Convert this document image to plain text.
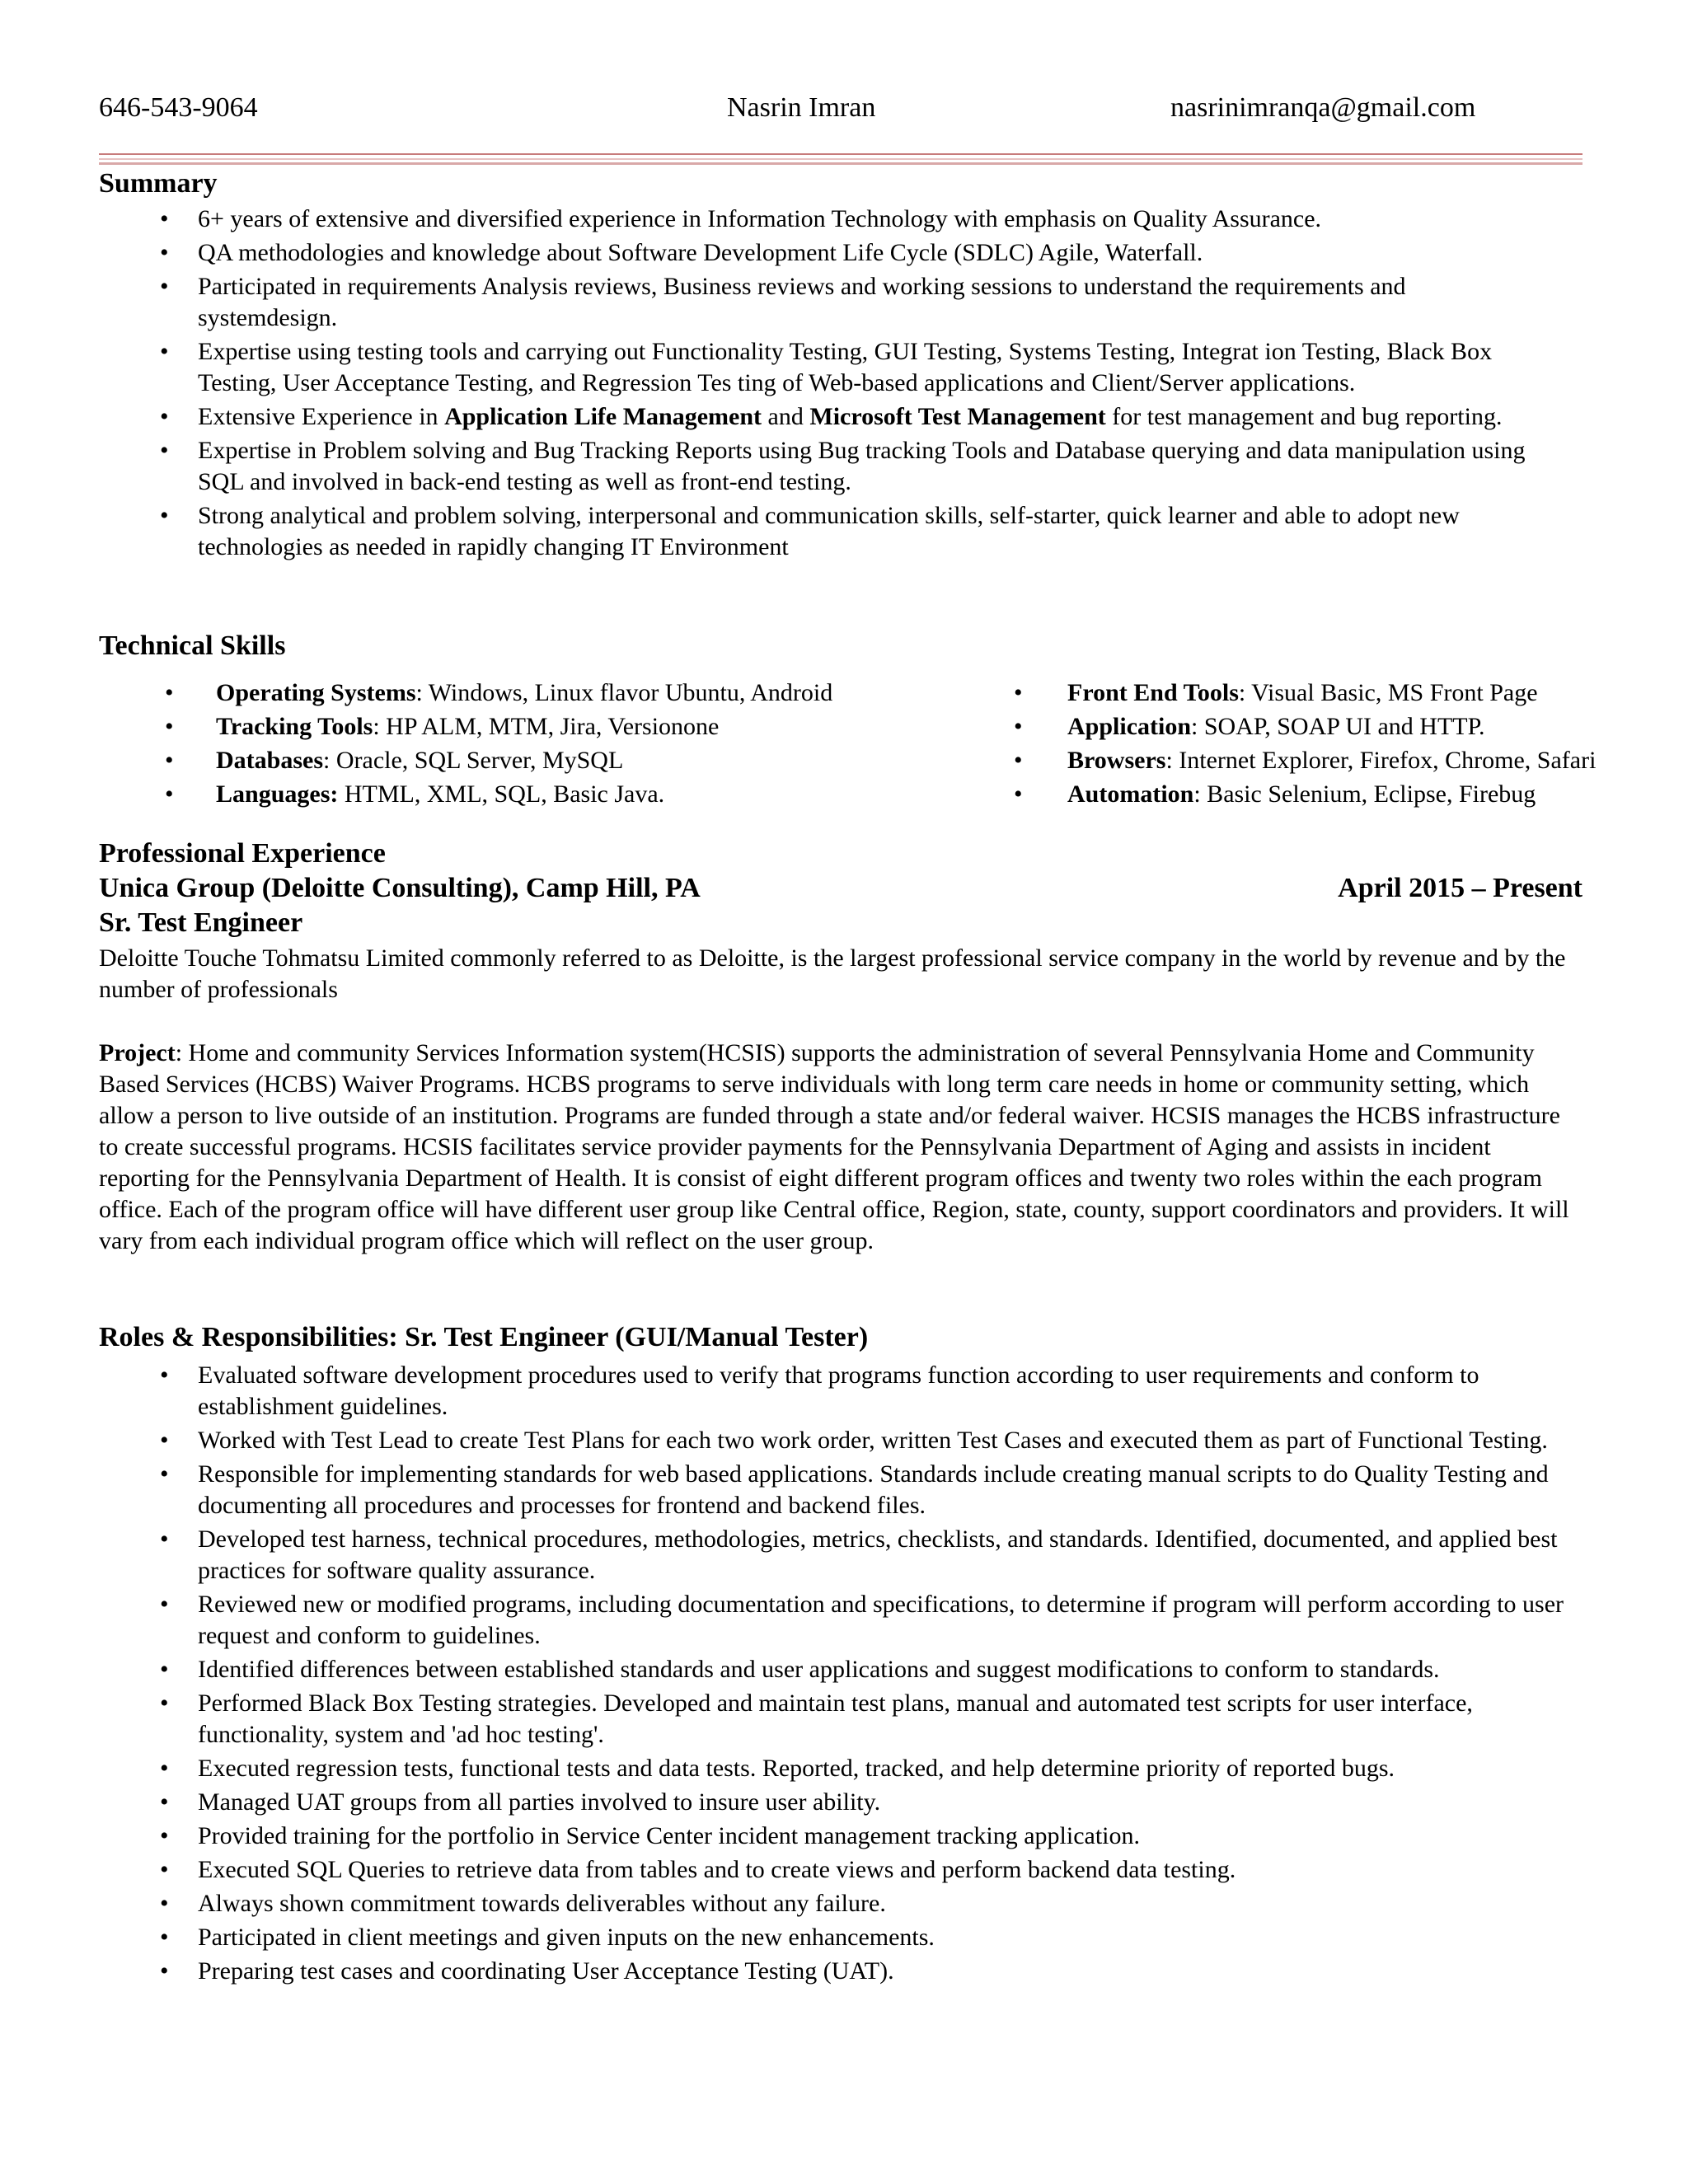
646-543-9064	Nasrin Imran	nasrinimranqa@gmail.com
Summary
• 6+ years of extensive and diversified experience in Information Technology with emphasis on Quality Assurance.
• QA methodologies and knowledge about Software Development Life Cycle (SDLC) Agile, Waterfall.
• Participated in requirements Analysis reviews, Business reviews and working sessions to understand the requirements and systemdesign.
• Expertise using testing tools and carrying out Functionality Testing, GUI Testing, Systems Testing, Integrat ion Testing, Black Box Testing, User Acceptance Testing, and Regression Tes ting of Web-based applications and Client/Server applications.
• Extensive Experience in Application Life Management and Microsoft Test Management for test management and bug reporting.
• Expertise in Problem solving and Bug Tracking Reports using Bug tracking Tools and Database querying and data manipulation using SQL and involved in back-end testing as well as front-end testing.
• Strong analytical and problem solving, interpersonal and communication skills, self-starter, quick learner and able to adopt new technologies as needed in rapidly changing IT Environment
Technical Skills
• Operating Systems: Windows, Linux flavor Ubuntu, Android
• Tracking Tools: HP ALM, MTM, Jira, Versionone
• Databases: Oracle, SQL Server, MySQL
• Languages: HTML, XML, SQL, Basic Java.
• Front End Tools: Visual Basic, MS Front Page
• Application: SOAP, SOAP UI and HTTP.
• Browsers: Internet Explorer, Firefox, Chrome, Safari
• Automation: Basic Selenium, Eclipse, Firebug
Professional Experience
Unica Group (Deloitte Consulting), Camp Hill, PA	April 2015 – Present
Sr. Test Engineer
Deloitte Touche Tohmatsu Limited commonly referred to as Deloitte, is the largest professional service company in the world by revenue and by the number of professionals
Project: Home and community Services Information system(HCSIS) supports the administration of several Pennsylvania Home and Community Based Services (HCBS) Waiver Programs. HCBS programs to serve individuals with long term care needs in home or community setting, which allow a person to live outside of an institution. Programs are funded through a state and/or federal waiver. HCSIS manages the HCBS infrastructure to create successful programs. HCSIS facilitates service provider payments for the Pennsylvania Department of Aging and assists in incident reporting for the Pennsylvania Department of Health. It is consist of eight different program offices and twenty two roles within the each program office. Each of the program office will have different user group like Central office, Region, state, county, support coordinators and providers. It will vary from each individual program office which will reflect on the user group.
Roles & Responsibilities: Sr. Test Engineer (GUI/Manual Tester)
• Evaluated software development procedures used to verify that programs function according to user requirements and conform to establishment guidelines.
• Worked with Test Lead to create Test Plans for each two work order, written Test Cases and executed them as part of Functional Testing.
• Responsible for implementing standards for web based applications. Standards include creating manual scripts to do Quality Testing and documenting all procedures and processes for frontend and backend files.
• Developed test harness, technical procedures, methodologies, metrics, checklists, and standards. Identified, documented, and applied best practices for software quality assurance.
• Reviewed new or modified programs, including documentation and specifications, to determine if program will perform according to user request and conform to guidelines.
• Identified differences between established standards and user applications and suggest modifications to conform to standards.
• Performed Black Box Testing strategies. Developed and maintain test plans, manual and automated test scripts for user interface, functionality, system and 'ad hoc testing'.
• Executed regression tests, functional tests and data tests. Reported, tracked, and help determine priority of reported bugs.
• Managed UAT groups from all parties involved to insure user ability.
• Provided training for the portfolio in Service Center incident management tracking application.
• Executed SQL Queries to retrieve data from tables and to create views and perform backend data testing.
• Always shown commitment towards deliverables without any failure.
• Participated in client meetings and given inputs on the new enhancements.
• Preparing test cases and coordinating User Acceptance Testing (UAT).
